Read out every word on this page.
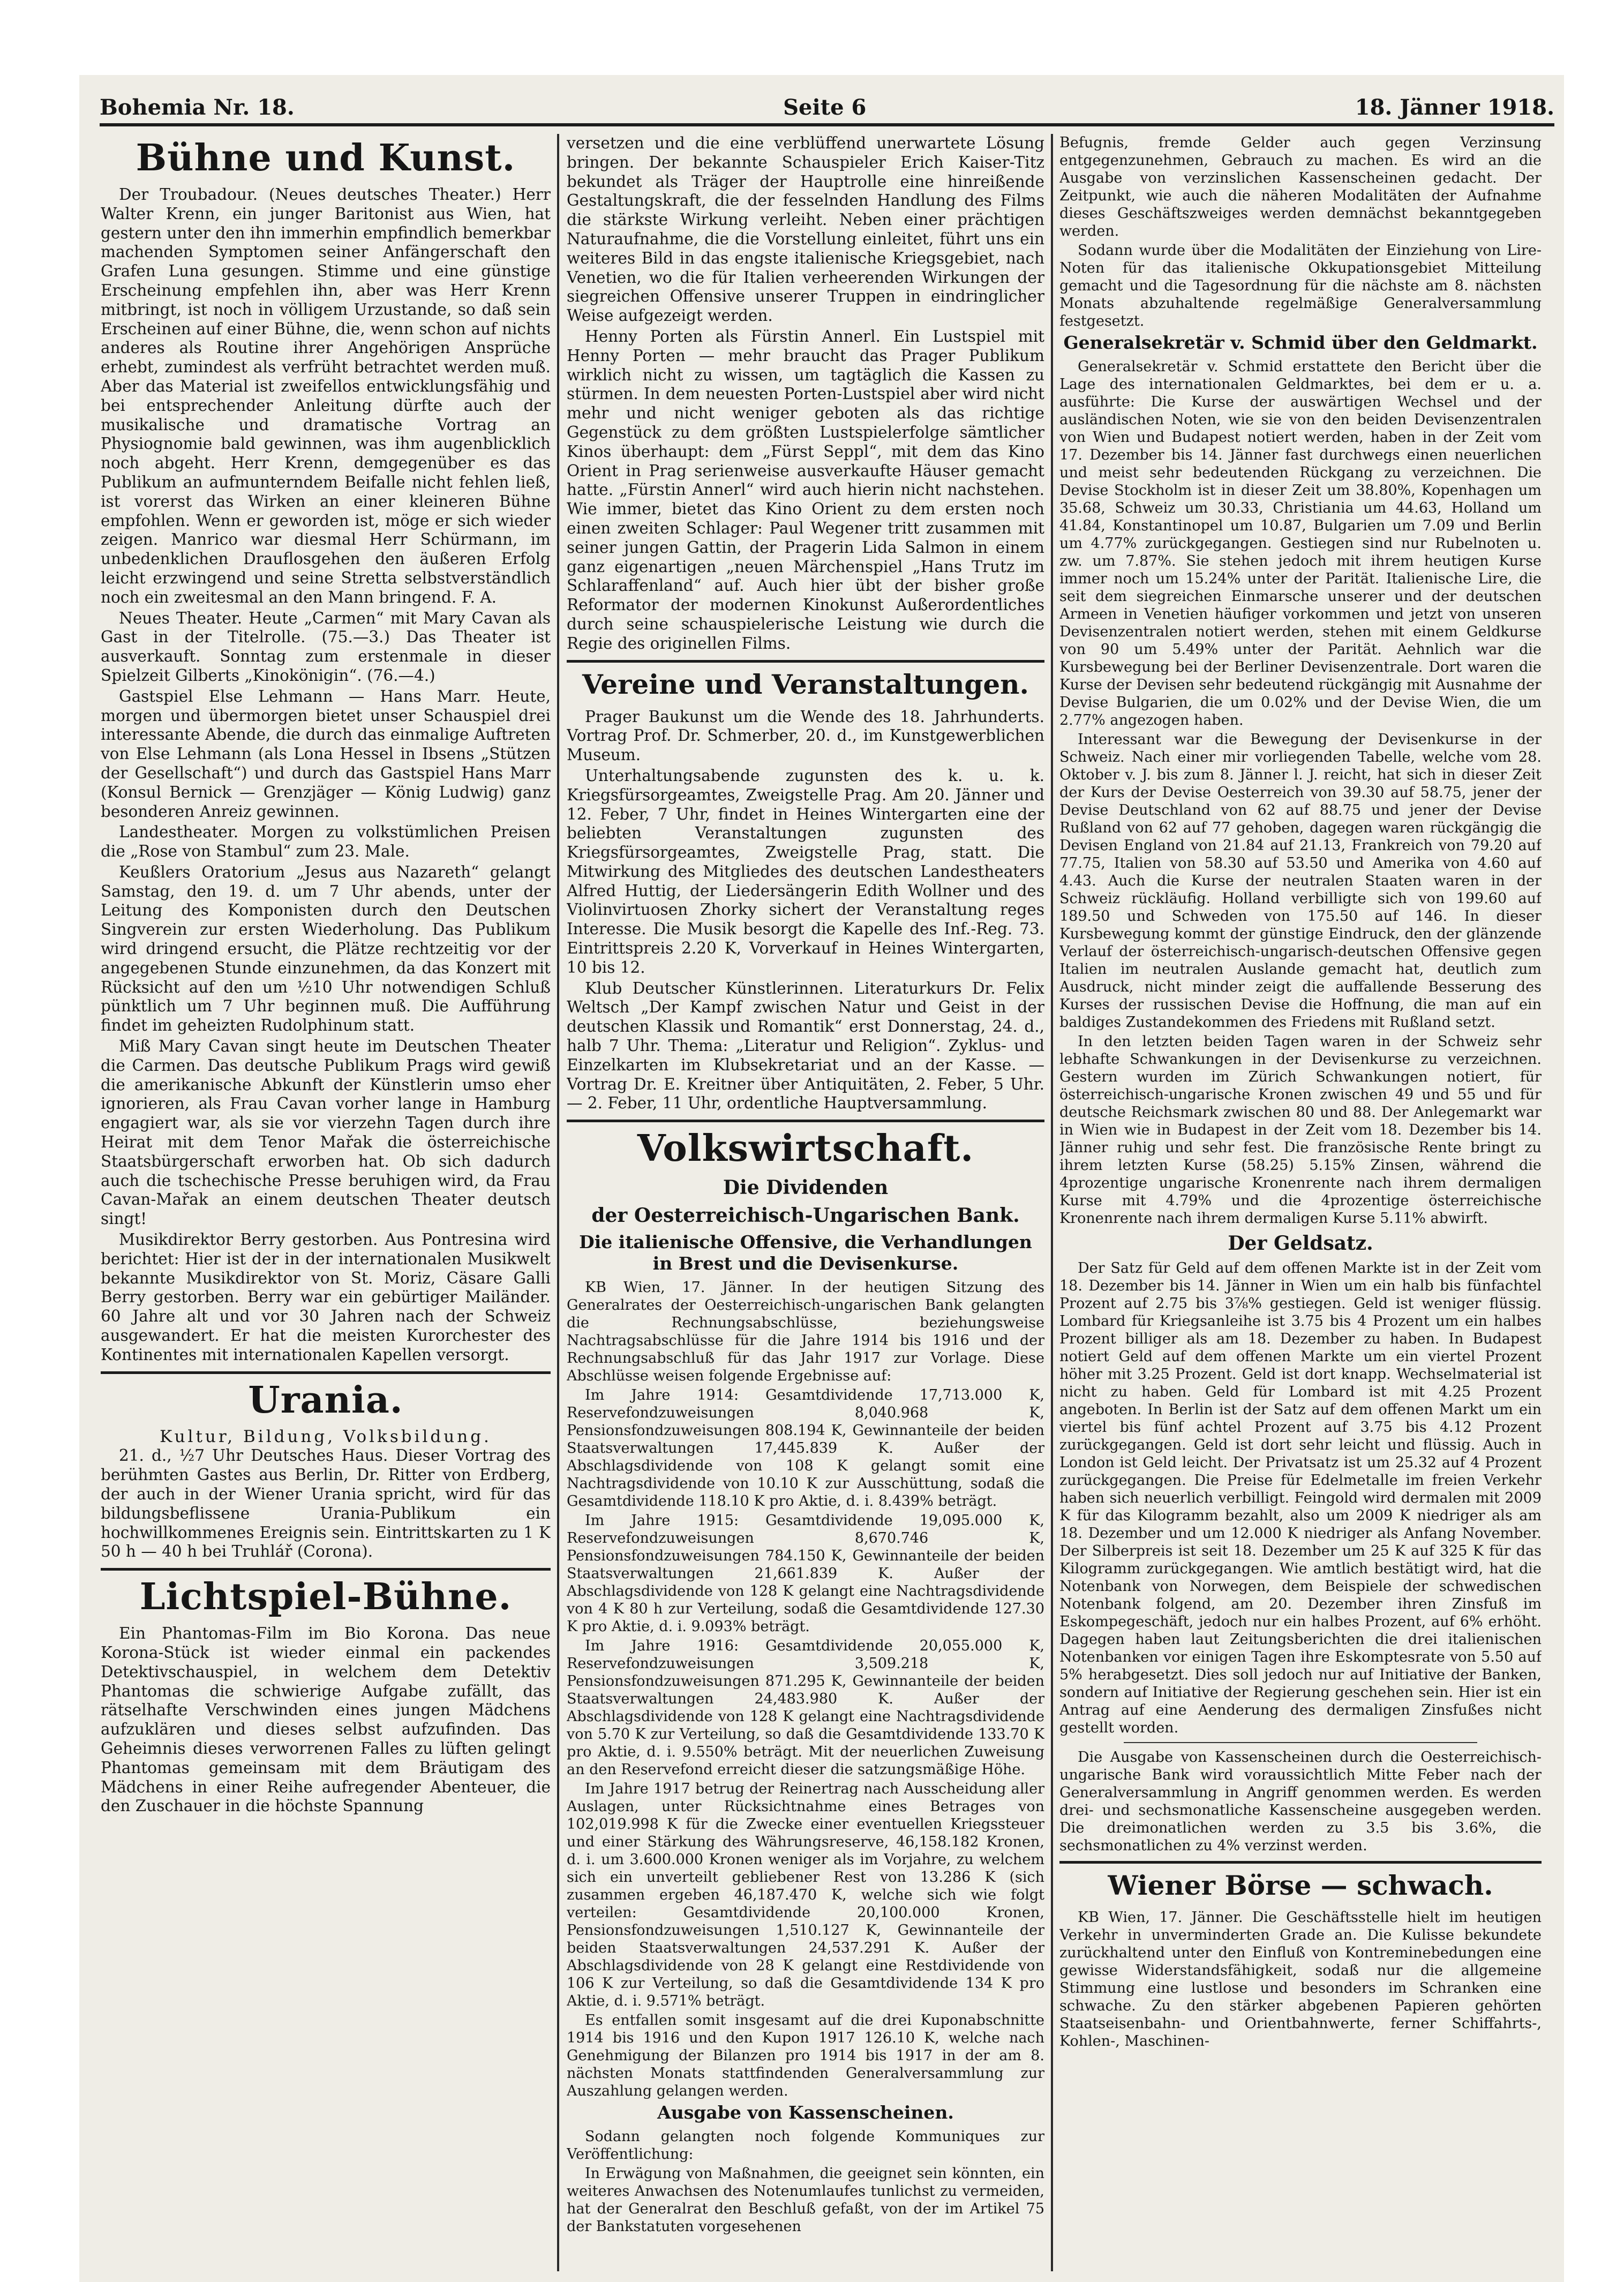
Bohemia Nr. 18.	Seite 6	18. Jänner 1918.
Bühne und Kunst.

Der Troubadour. (Neues deutsches Theater.) Herr Walter Krenn, ein junger Baritonist aus Wien, hat gestern unter den ihn immerhin empfindlich bemerkbar machenden Symptomen seiner Anfängerschaft den Grafen Luna gesungen. Stimme und eine günstige Erscheinung empfehlen ihn, aber was Herr Krenn mitbringt, ist noch in völligem Urzustande, so daß sein Erscheinen auf einer Bühne, die, wenn schon auf nichts anderes als Routine ihrer Angehörigen Ansprüche erhebt, zumindest als verfrüht betrachtet werden muß. Aber das Material ist zweifellos entwicklungsfähig und bei entsprechender Anleitung dürfte auch der musikalische und dramatische Vortrag an Physiognomie bald gewinnen, was ihm augenblicklich noch abgeht. Herr Krenn, demgegenüber es das Publikum an aufmunterndem Beifalle nicht fehlen ließ, ist vorerst das Wirken an einer kleineren Bühne empfohlen. Wenn er geworden ist, möge er sich wieder zeigen. Manrico war diesmal Herr Schürmann, im unbedenklichen Drauflosgehen den äußeren Erfolg leicht erzwingend und seine Stretta selbstverständlich noch ein zweitesmal an den Mann bringend. F. A.

Neues Theater. Heute „Carmen“ mit Mary Cavan als Gast in der Titelrolle. (75.—3.) Das Theater ist ausverkauft. Sonntag zum erstenmale in dieser Spielzeit Gilberts „Kinokönigin“. (76.—4.)

Gastspiel Else Lehmann — Hans Marr. Heute, morgen und übermorgen bietet unser Schauspiel drei interessante Abende, die durch das einmalige Auftreten von Else Lehmann (als Lona Hessel in Ibsens „Stützen der Gesellschaft“) und durch das Gastspiel Hans Marr (Konsul Bernick — Grenzjäger — König Ludwig) ganz besonderen Anreiz gewinnen.

Landestheater. Morgen zu volkstümlichen Preisen die „Rose von Stambul“ zum 23. Male.

Keußlers Oratorium „Jesus aus Nazareth“ gelangt Samstag, den 19. d. um 7 Uhr abends, unter der Leitung des Komponisten durch den Deutschen Singverein zur ersten Wiederholung. Das Publikum wird dringend ersucht, die Plätze rechtzeitig vor der angegebenen Stunde einzunehmen, da das Konzert mit Rücksicht auf den um ½10 Uhr notwendigen Schluß pünktlich um 7 Uhr beginnen muß. Die Aufführung findet im geheizten Rudolphinum statt.

Miß Mary Cavan singt heute im Deutschen Theater die Carmen. Das deutsche Publikum Prags wird gewiß die amerikanische Abkunft der Künstlerin umso eher ignorieren, als Frau Cavan vorher lange in Hamburg engagiert war, als sie vor vierzehn Tagen durch ihre Heirat mit dem Tenor Mařak die österreichische Staatsbürgerschaft erworben hat. Ob sich dadurch auch die tschechische Presse beruhigen wird, da Frau Cavan-Mařak an einem deutschen Theater deutsch singt!

Musikdirektor Berry gestorben. Aus Pontresina wird berichtet: Hier ist der in der internationalen Musikwelt bekannte Musikdirektor von St. Moriz, Cäsare Galli Berry gestorben. Berry war ein gebürtiger Mailänder. 60 Jahre alt und vor 30 Jahren nach der Schweiz ausgewandert. Er hat die meisten Kurorchester des Kontinentes mit internationalen Kapellen versorgt.

Urania.
Kultur, Bildung, Volksbildung.

21. d., ½7 Uhr Deutsches Haus. Dieser Vortrag des berühmten Gastes aus Berlin, Dr. Ritter von Erdberg, der auch in der Wiener Urania spricht, wird für das bildungsbeflissene Urania-Publikum ein hochwillkommenes Ereignis sein. Eintrittskarten zu 1 K 50 h — 40 h bei Truhlář (Corona).

Lichtspiel-Bühne.

Ein Phantomas-Film im Bio Korona. Das neue Korona-Stück ist wieder einmal ein packendes Detektivschauspiel, in welchem dem Detektiv Phantomas die schwierige Aufgabe zufällt, das rätselhafte Verschwinden eines jungen Mädchens aufzuklären und dieses selbst aufzufinden. Das Geheimnis dieses verworrenen Falles zu lüften gelingt Phantomas gemeinsam mit dem Bräutigam des Mädchens in einer Reihe aufregender Abenteuer, die den Zuschauer in die höchste Spannung

versetzen und die eine verblüffend unerwartete Lösung bringen. Der bekannte Schauspieler Erich Kaiser-Titz bekundet als Träger der Hauptrolle eine hinreißende Gestaltungskraft, die der fesselnden Handlung des Films die stärkste Wirkung verleiht. Neben einer prächtigen Naturaufnahme, die die Vorstellung einleitet, führt uns ein weiteres Bild in das engste italienische Kriegsgebiet, nach Venetien, wo die für Italien verheerenden Wirkungen der siegreichen Offensive unserer Truppen in eindringlicher Weise aufgezeigt werden.

Henny Porten als Fürstin Annerl. Ein Lustspiel mit Henny Porten — mehr braucht das Prager Publikum wirklich nicht zu wissen, um tagtäglich die Kassen zu stürmen. In dem neuesten Porten-Lustspiel aber wird nicht mehr und nicht weniger geboten als das richtige Gegenstück zu dem größten Lustspielerfolge sämtlicher Kinos überhaupt: dem „Fürst Seppl“, mit dem das Kino Orient in Prag serienweise ausverkaufte Häuser gemacht hatte. „Fürstin Annerl“ wird auch hierin nicht nachstehen. Wie immer, bietet das Kino Orient zu dem ersten noch einen zweiten Schlager: Paul Wegener tritt zusammen mit seiner jungen Gattin, der Pragerin Lida Salmon in einem ganz eigenartigen „neuen Märchenspiel „Hans Trutz im Schlaraffenland“ auf. Auch hier übt der bisher große Reformator der modernen Kinokunst Außerordentliches durch seine schauspielerische Leistung wie durch die Regie des originellen Films.

Vereine und Veranstaltungen.

Prager Baukunst um die Wende des 18. Jahrhunderts. Vortrag Prof. Dr. Schmerber, 20. d., im Kunstgewerblichen Museum.

Unterhaltungsabende zugunsten des k. u. k. Kriegsfürsorgeamtes, Zweigstelle Prag. Am 20. Jänner und 12. Feber, 7 Uhr, findet in Heines Wintergarten eine der beliebten Veranstaltungen zugunsten des Kriegsfürsorgeamtes, Zweigstelle Prag, statt. Die Mitwirkung des Mitgliedes des deutschen Landestheaters Alfred Huttig, der Liedersängerin Edith Wollner und des Violinvirtuosen Zhorky sichert der Veranstaltung reges Interesse. Die Musik besorgt die Kapelle des Inf.-Reg. 73. Eintrittspreis 2.20 K, Vorverkauf in Heines Wintergarten, 10 bis 12.

Klub Deutscher Künstlerinnen. Literaturkurs Dr. Felix Weltsch „Der Kampf zwischen Natur und Geist in der deutschen Klassik und Romantik“ erst Donnerstag, 24. d., halb 7 Uhr. Thema: „Literatur und Religion“. Zyklus- und Einzelkarten im Klubsekretariat und an der Kasse. — Vortrag Dr. E. Kreitner über Antiquitäten, 2. Feber, 5 Uhr. — 2. Feber, 11 Uhr, ordentliche Hauptversammlung.

Volkswirtschaft.
Die Dividenden
der Oesterreichisch-Ungarischen Bank.
Die italienische Offensive, die Verhandlungen in Brest und die Devisenkurse.

KB Wien, 17. Jänner. In der heutigen Sitzung des Generalrates der Oesterreichisch-ungarischen Bank gelangten die Rechnungsabschlüsse, beziehungsweise Nachtragsabschlüsse für die Jahre 1914 bis 1916 und der Rechnungsabschluß für das Jahr 1917 zur Vorlage. Diese Abschlüsse weisen folgende Ergebnisse auf:

Im Jahre 1914: Gesamtdividende 17,713.000 K, Reservefondzuweisungen 8,040.968 K, Pensionsfondzuweisungen 808.194 K, Gewinnanteile der beiden Staatsverwaltungen 17,445.839 K. Außer der Abschlagsdividende von 108 K gelangt somit eine Nachtragsdividende von 10.10 K zur Ausschüttung, sodaß die Gesamtdividende 118.10 K pro Aktie, d. i. 8.439% beträgt.

Im Jahre 1915: Gesamtdividende 19,095.000 K, Reservefondzuweisungen 8,670.746 K, Pensionsfondzuweisungen 784.150 K, Gewinnanteile der beiden Staatsverwaltungen 21,661.839 K. Außer der Abschlagsdividende von 128 K gelangt eine Nachtragsdividende von 4 K 80 h zur Verteilung, sodaß die Gesamtdividende 127.30 K pro Aktie, d. i. 9.093% beträgt.

Im Jahre 1916: Gesamtdividende 20,055.000 K, Reservefondzuweisungen 3,509.218 K, Pensionsfondzuweisungen 871.295 K, Gewinnanteile der beiden Staatsverwaltungen 24,483.980 K. Außer der Abschlagsdividende von 128 K gelangt eine Nachtragsdividende von 5.70 K zur Verteilung, so daß die Gesamtdividende 133.70 K pro Aktie, d. i. 9.550% beträgt. Mit der neuerlichen Zuweisung an den Reservefond erreicht dieser die satzungsmäßige Höhe.

Im Jahre 1917 betrug der Reinertrag nach Ausscheidung aller Auslagen, unter Rücksichtnahme eines Betrages von 102,019.998 K für die Zwecke einer eventuellen Kriegssteuer und einer Stärkung des Währungsreserve, 46,158.182 Kronen, d. i. um 3.600.000 Kronen weniger als im Vorjahre, zu welchem sich ein unverteilt gebliebener Rest von 13.286 K (sich zusammen ergeben 46,187.470 K, welche sich wie folgt verteilen: Gesamtdividende 20,100.000 Kronen, Pensionsfondzuweisungen 1,510.127 K, Gewinnanteile der beiden Staatsverwaltungen 24,537.291 K. Außer der Abschlagsdividende von 28 K gelangt eine Restdividende von 106 K zur Verteilung, so daß die Gesamtdividende 134 K pro Aktie, d. i. 9.571% beträgt.

Es entfallen somit insgesamt auf die drei Kuponabschnitte 1914 bis 1916 und den Kupon 1917 126.10 K, welche nach Genehmigung der Bilanzen pro 1914 bis 1917 in der am 8. nächsten Monats stattfindenden Generalversammlung zur Auszahlung gelangen werden.

Ausgabe von Kassenscheinen.

Sodann gelangten noch folgende Kommuniques zur Veröffentlichung:

In Erwägung von Maßnahmen, die geeignet sein könnten, ein weiteres Anwachsen des Notenumlaufes tunlichst zu vermeiden, hat der Generalrat den Beschluß gefaßt, von der im Artikel 75 der Bankstatuten vorgesehenen

Befugnis, fremde Gelder auch gegen Verzinsung entgegenzunehmen, Gebrauch zu machen. Es wird an die Ausgabe von verzinslichen Kassenscheinen gedacht. Der Zeitpunkt, wie auch die näheren Modalitäten der Aufnahme dieses Geschäftszweiges werden demnächst bekanntgegeben werden.

Sodann wurde über die Modalitäten der Einziehung von Lire-Noten für das italienische Okkupationsgebiet Mitteilung gemacht und die Tagesordnung für die nächste am 8. nächsten Monats abzuhaltende regelmäßige Generalversammlung festgesetzt.

Generalsekretär v. Schmid über den Geldmarkt.

Generalsekretär v. Schmid erstattete den Bericht über die Lage des internationalen Geldmarktes, bei dem er u. a. ausführte: Die Kurse der auswärtigen Wechsel und der ausländischen Noten, wie sie von den beiden Devisenzentralen von Wien und Budapest notiert werden, haben in der Zeit vom 17. Dezember bis 14. Jänner fast durchwegs einen neuerlichen und meist sehr bedeutenden Rückgang zu verzeichnen. Die Devise Stockholm ist in dieser Zeit um 38.80%, Kopenhagen um 35.68, Schweiz um 30.33, Christiania um 44.63, Holland um 41.84, Konstantinopel um 10.87, Bulgarien um 7.09 und Berlin um 4.77% zurückgegangen. Gestiegen sind nur Rubelnoten u. zw. um 7.87%. Sie stehen jedoch mit ihrem heutigen Kurse immer noch um 15.24% unter der Parität. Italienische Lire, die seit dem siegreichen Einmarsche unserer und der deutschen Armeen in Venetien häufiger vorkommen und jetzt von unseren Devisenzentralen notiert werden, stehen mit einem Geldkurse von 90 um 5.49% unter der Parität. Aehnlich war die Kursbewegung bei der Berliner Devisenzentrale. Dort waren die Kurse der Devisen sehr bedeutend rückgängig mit Ausnahme der Devise Bulgarien, die um 0.02% und der Devise Wien, die um 2.77% angezogen haben.

Interessant war die Bewegung der Devisenkurse in der Schweiz. Nach einer mir vorliegenden Tabelle, welche vom 28. Oktober v. J. bis zum 8. Jänner l. J. reicht, hat sich in dieser Zeit der Kurs der Devise Oesterreich von 39.30 auf 58.75, jener der Devise Deutschland von 62 auf 88.75 und jener der Devise Rußland von 62 auf 77 gehoben, dagegen waren rückgängig die Devisen England von 21.84 auf 21.13, Frankreich von 79.20 auf 77.75, Italien von 58.30 auf 53.50 und Amerika von 4.60 auf 4.43. Auch die Kurse der neutralen Staaten waren in der Schweiz rückläufig. Holland verbilligte sich von 199.60 auf 189.50 und Schweden von 175.50 auf 146. In dieser Kursbewegung kommt der günstige Eindruck, den der glänzende Verlauf der österreichisch-ungarisch-deutschen Offensive gegen Italien im neutralen Auslande gemacht hat, deutlich zum Ausdruck, nicht minder zeigt die auffallende Besserung des Kurses der russischen Devise die Hoffnung, die man auf ein baldiges Zustandekommen des Friedens mit Rußland setzt.

In den letzten beiden Tagen waren in der Schweiz sehr lebhafte Schwankungen in der Devisenkurse zu verzeichnen. Gestern wurden im Zürich Schwankungen notiert, für österreichisch-ungarische Kronen zwischen 49 und 55 und für deutsche Reichsmark zwischen 80 und 88. Der Anlegemarkt war in Wien wie in Budapest in der Zeit vom 18. Dezember bis 14. Jänner ruhig und sehr fest. Die französische Rente bringt zu ihrem letzten Kurse (58.25) 5.15% Zinsen, während die 4prozentige ungarische Kronenrente nach ihrem dermaligen Kurse mit 4.79% und die 4prozentige österreichische Kronenrente nach ihrem dermaligen Kurse 5.11% abwirft.

Der Geldsatz.

Der Satz für Geld auf dem offenen Markte ist in der Zeit vom 18. Dezember bis 14. Jänner in Wien um ein halb bis fünfachtel Prozent auf 2.75 bis 3⅞% gestiegen. Geld ist weniger flüssig. Lombard für Kriegsanleihe ist 3.75 bis 4 Prozent um ein halbes Prozent billiger als am 18. Dezember zu haben. In Budapest notiert Geld auf dem offenen Markte um ein viertel Prozent höher mit 3.25 Prozent. Geld ist dort knapp. Wechselmaterial ist nicht zu haben. Geld für Lombard ist mit 4.25 Prozent angeboten. In Berlin ist der Satz auf dem offenen Markt um ein viertel bis fünf achtel Prozent auf 3.75 bis 4.12 Prozent zurückgegangen. Geld ist dort sehr leicht und flüssig. Auch in London ist Geld leicht. Der Privatsatz ist um 25.32 auf 4 Prozent zurückgegangen. Die Preise für Edelmetalle im freien Verkehr haben sich neuerlich verbilligt. Feingold wird dermalen mit 2009 K für das Kilogramm bezahlt, also um 2009 K niedriger als am 18. Dezember und um 12.000 K niedriger als Anfang November. Der Silberpreis ist seit 18. Dezember um 25 K auf 325 K für das Kilogramm zurückgegangen. Wie amtlich bestätigt wird, hat die Notenbank von Norwegen, dem Beispiele der schwedischen Notenbank folgend, am 20. Dezember ihren Zinsfuß im Eskompegeschäft, jedoch nur ein halbes Prozent, auf 6% erhöht. Dagegen haben laut Zeitungsberichten die drei italienischen Notenbanken vor einigen Tagen ihre Eskomptesrate von 5.50 auf 5% herabgesetzt. Dies soll jedoch nur auf Initiative der Banken, sondern auf Initiative der Regierung geschehen sein. Hier ist ein Antrag auf eine Aenderung des dermaligen Zinsfußes nicht gestellt worden.

Die Ausgabe von Kassenscheinen durch die Oesterreichisch-ungarische Bank wird voraussichtlich Mitte Feber nach der Generalversammlung in Angriff genommen werden. Es werden drei- und sechsmonatliche Kassenscheine ausgegeben werden. Die dreimonatlichen werden zu 3.5 bis 3.6%, die sechsmonatlichen zu 4% verzinst werden.

Wiener Börse — schwach.

KB Wien, 17. Jänner. Die Geschäftsstelle hielt im heutigen Verkehr in unverminderten Grade an. Die Kulisse bekundete zurückhaltend unter den Einfluß von Kontreminebedungen eine gewisse Widerstandsfähigkeit, sodaß nur die allgemeine Stimmung eine lustlose und besonders im Schranken eine schwache. Zu den stärker abgebenen Papieren gehörten Staatseisenbahn- und Orientbahnwerte, ferner Schiffahrts-, Kohlen-, Maschinen-
